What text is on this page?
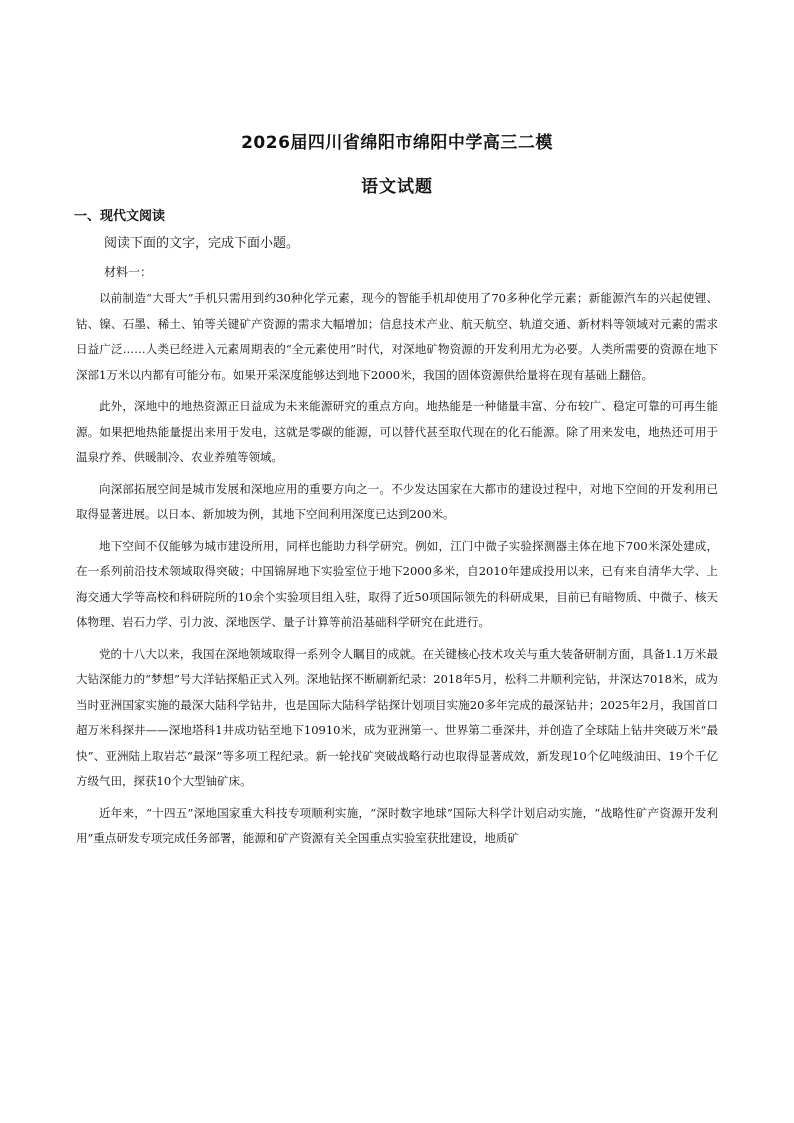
2026届四川省绵阳市绵阳中学高三二模
语文试题
一、现代文阅读
阅读下面的文字，完成下面小题。
材料一：

以前制造“大哥大”手机只需用到约30种化学元素，现今的智能手机却使用了70多种化学元素；新能源汽车的兴起使锂、钴、镍、石墨、稀土、铂等关键矿产资源的需求大幅增加；信息技术产业、航天航空、轨道交通、新材料等领域对元素的需求日益广泛……人类已经进入元素周期表的“全元素使用”时代，对深地矿物资源的开发利用尤为必要。人类所需要的资源在地下深部1万米以内都有可能分布。如果开采深度能够达到地下2000米，我国的固体资源供给量将在现有基础上翻倍。

此外，深地中的地热资源正日益成为未来能源研究的重点方向。地热能是一种储量丰富、分布较广、稳定可靠的可再生能源。如果把地热能量提出来用于发电，这就是零碳的能源，可以替代甚至取代现在的化石能源。除了用来发电，地热还可用于温泉疗养、供暖制冷、农业养殖等领域。

向深部拓展空间是城市发展和深地应用的重要方向之一。不少发达国家在大都市的建设过程中，对地下空间的开发利用已取得显著进展。以日本、新加坡为例，其地下空间利用深度已达到200米。

地下空间不仅能够为城市建设所用，同样也能助力科学研究。例如，江门中微子实验探测器主体在地下700米深处建成，在一系列前沿技术领域取得突破；中国锦屏地下实验室位于地下2000多米，自2010年建成投用以来，已有来自清华大学、上海交通大学等高校和科研院所的10余个实验项目组入驻，取得了近50项国际领先的科研成果，目前已有暗物质、中微子、核天体物理、岩石力学、引力波、深地医学、量子计算等前沿基础科学研究在此进行。

党的十八大以来，我国在深地领域取得一系列令人瞩目的成就。在关键核心技术攻关与重大装备研制方面，具备1.1万米最大钻深能力的“梦想”号大洋钻探船正式入列。深地钻探不断刷新纪录：2018年5月，松科二井顺利完钻，井深达7018米，成为当时亚洲国家实施的最深大陆科学钻井，也是国际大陆科学钻探计划项目实施20多年完成的最深钻井；2025年2月，我国首口超万米科探井——深地塔科1井成功钻至地下10910米，成为亚洲第一、世界第二垂深井，并创造了全球陆上钻井突破万米“最快”、亚洲陆上取岩芯“最深”等多项工程纪录。新一轮找矿突破战略行动也取得显著成效，新发现10个亿吨级油田、19个千亿方级气田，探获10个大型铀矿床。

近年来，“十四五”深地国家重大科技专项顺利实施，“深时数字地球”国际大科学计划启动实施，“战略性矿产资源开发利用”重点研发专项完成任务部署，能源和矿产资源有关全国重点实验室获批建设，地质矿
